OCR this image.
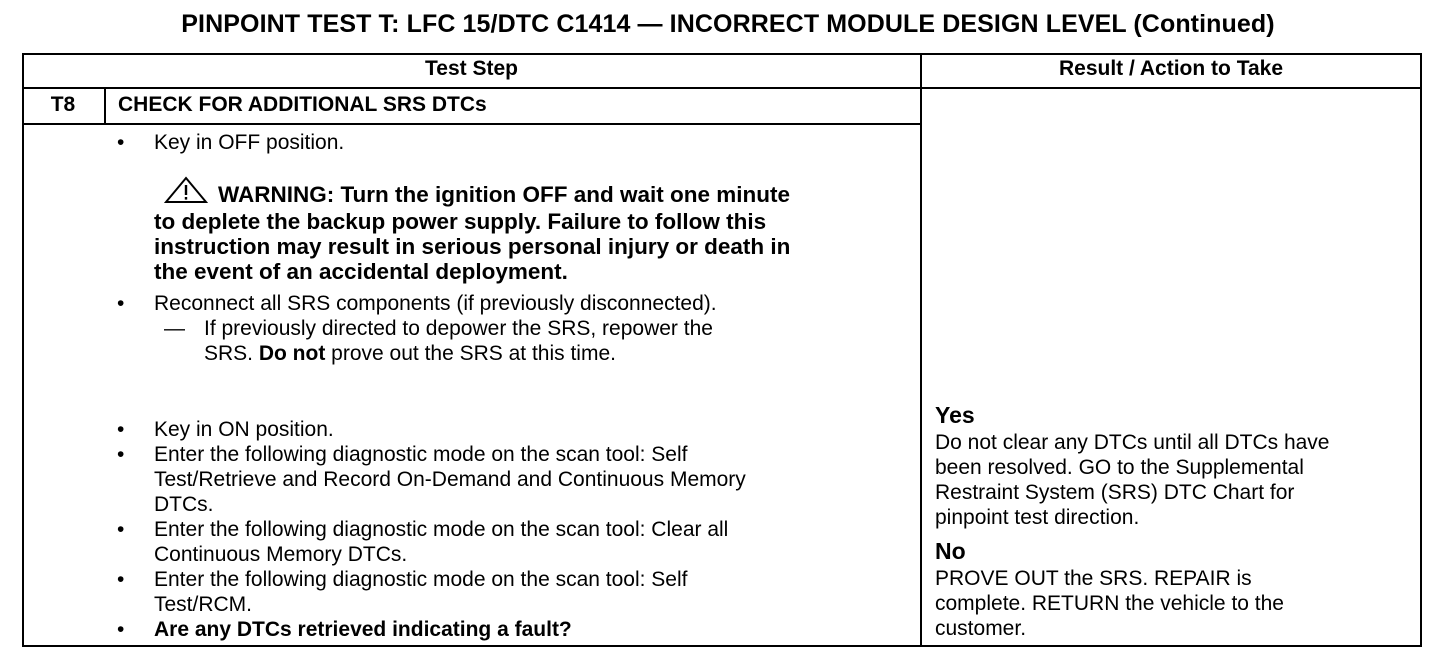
PINPOINT TEST T: LFC 15/DTC C1414 — INCORRECT MODULE DESIGN LEVEL (Continued)
Test Step	Result / Action to Take
T8	CHECK FOR ADDITIONAL SRS DTCs
• Key in OFF position.
WARNING: Turn the ignition OFF and wait one minute
to deplete the backup power supply. Failure to follow this
instruction may result in serious personal injury or death in
the event of an accidental deployment.
• Reconnect all SRS components (if previously disconnected).
— If previously directed to depower the SRS, repower the
SRS. Do not prove out the SRS at this time.
• Key in ON position.
• Enter the following diagnostic mode on the scan tool: Self
Test/Retrieve and Record On-Demand and Continuous Memory
DTCs.
• Enter the following diagnostic mode on the scan tool: Clear all
Continuous Memory DTCs.
• Enter the following diagnostic mode on the scan tool: Self
Test/RCM.
• Are any DTCs retrieved indicating a fault?
Yes
Do not clear any DTCs until all DTCs have
been resolved. GO to the Supplemental
Restraint System (SRS) DTC Chart for
pinpoint test direction.
No
PROVE OUT the SRS. REPAIR is
complete. RETURN the vehicle to the
customer.
